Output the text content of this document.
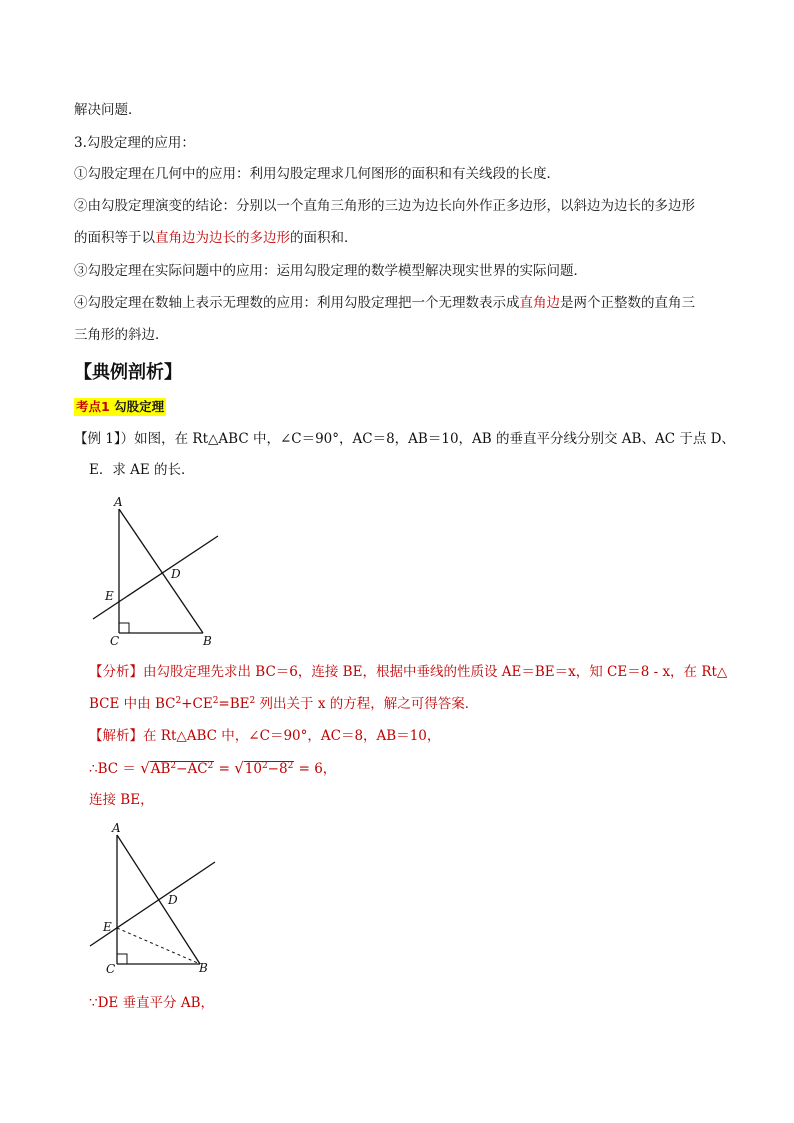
解决问题．
3.勾股定理的应用：
①勾股定理在几何中的应用：利用勾股定理求几何图形的面积和有关线段的长度．
②由勾股定理演变的结论：分别以一个直角三角形的三边为边长向外作正多边形，以斜边为边长的多边形
的面积等于以直角边为边长的多边形的面积和．
③勾股定理在实际问题中的应用：运用勾股定理的数学模型解决现实世界的实际问题．
④勾股定理在数轴上表示无理数的应用：利用勾股定理把一个无理数表示成直角边是两个正整数的直角三
三角形的斜边．
【典例剖析】
考点1 勾股定理
【例 1】）如图，在 Rt△ABC 中，∠C＝90°，AC＝8，AB＝10，AB 的垂直平分线分别交 AB、AC 于点 D、
E．求 AE 的长．
A
B
C
D
E
【分析】由勾股定理先求出 BC＝6，连接 BE，根据中垂线的性质设 AE＝BE＝x，知 CE＝8 - x，在 Rt△
BCE 中由 $BC^2+CE^2=BE^2$ 列出关于 x 的方程，解之可得答案．
【解析】在 Rt△ABC 中，∠C＝90°，AC＝8，AB＝10，
∴BC ＝ $√AB^2-AC^2 = √10^2-8^2 = 6$，
连接 BE，
A
B
C
D
E
∵DE 垂直平分 AB，
